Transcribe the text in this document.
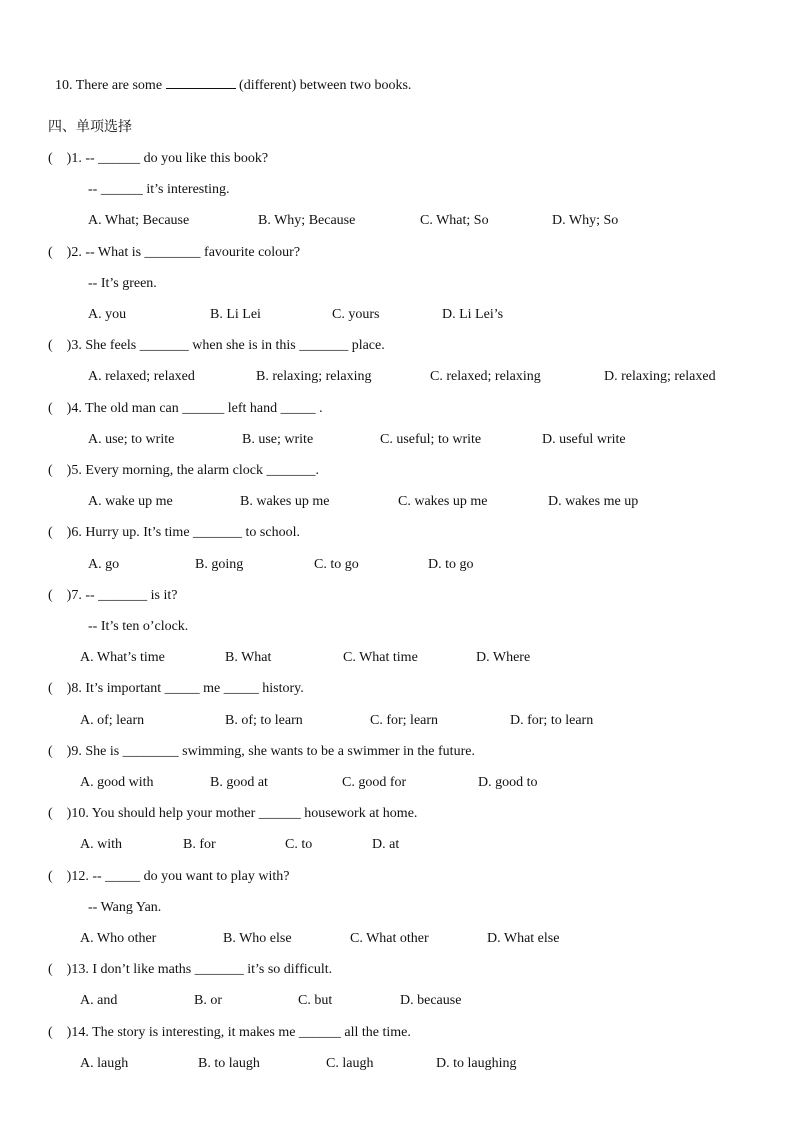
10. There are some	(different) between two books.

四、单项选择
(    )1. -- ______ do you like this book?
-- ______ it’s interesting.
A. What; Because	B. Why; Because	C. What; So	D. Why; So
(    )2. -- What is ________ favourite colour?
-- It’s green.
A. you	B. Li Lei	C. yours	D. Li Lei’s
(    )3. She feels _______ when she is in this _______ place.
A. relaxed; relaxed	B. relaxing; relaxing	C. relaxed; relaxing	D. relaxing; relaxed
(    )4. The old man can ______ left hand _____ .
A. use; to write	B. use; write	C. useful; to write	D. useful write
(    )5. Every morning, the alarm clock _______.
A. wake up me	B. wakes up me	C. wakes up me	D. wakes me up
(    )6. Hurry up. It’s time _______ to school.
A. go	B. going	C. to go	D. to go
(    )7. -- _______ is it?
-- It’s ten o’clock.
A. What’s time	B. What	C. What time	D. Where
(    )8. It’s important _____ me _____ history.
A. of; learn	B. of; to learn	C. for; learn	D. for; to learn
(    )9. She is ________ swimming, she wants to be a swimmer in the future.
A. good with	B. good at	C. good for	D. good to
(    )10. You should help your mother ______ housework at home.
A. with	B. for	C. to	D. at
(    )12. -- _____ do you want to play with?
-- Wang Yan.
A. Who other	B. Who else	C. What other	D. What else
(    )13. I don’t like maths _______ it’s so difficult.
A. and	B. or	C. but	D. because
(    )14. The story is interesting, it makes me ______ all the time.
A. laugh	B. to laugh	C. laugh	D. to laughing
